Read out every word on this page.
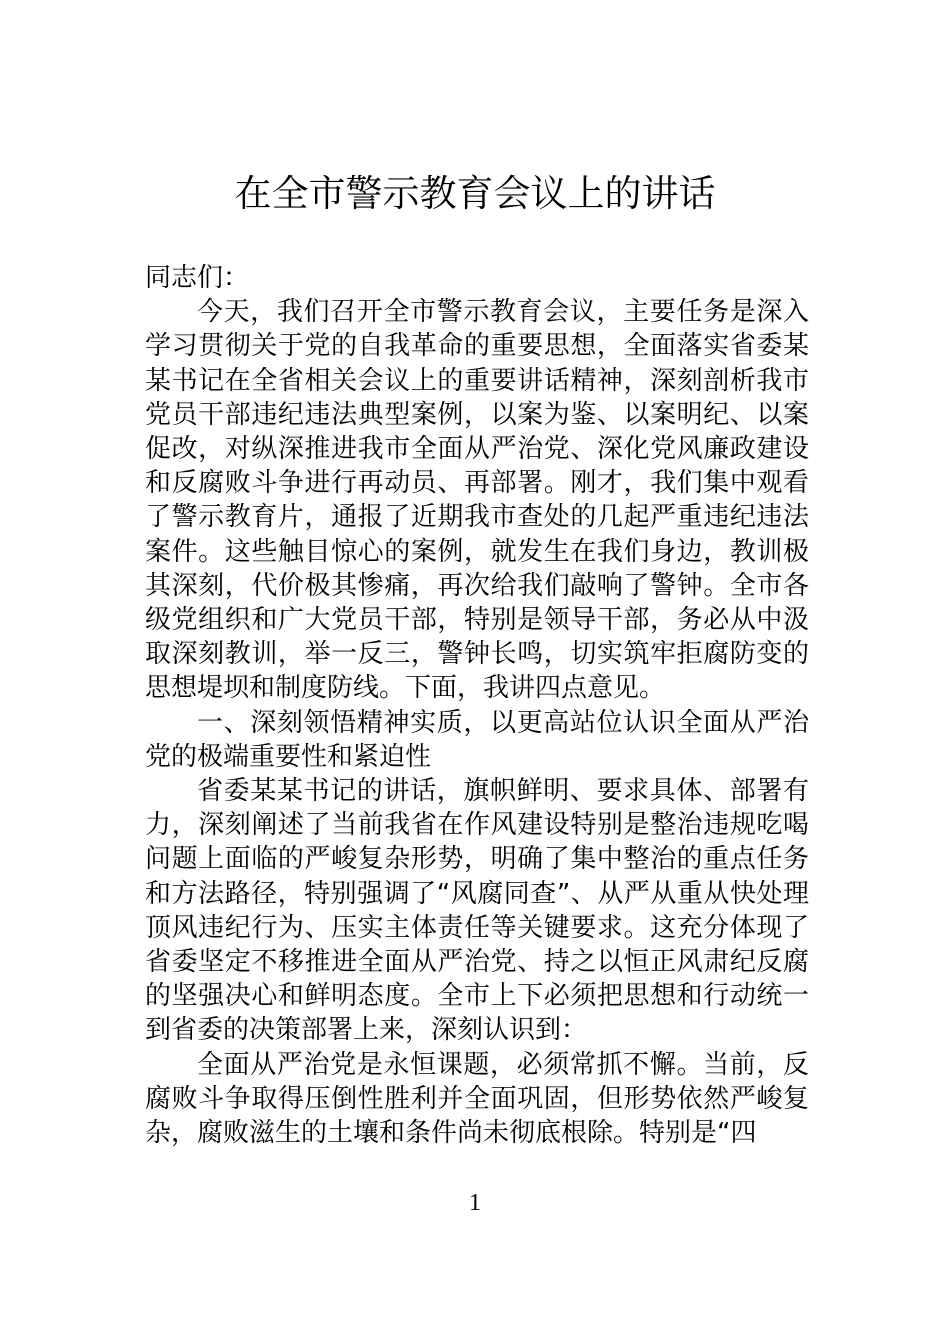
在全市警示教育会议上的讲话

同志们：

今天，我们召开全市警示教育会议，主要任务是深入学习贯彻关于党的自我革命的重要思想，全面落实省委某某书记在全省相关会议上的重要讲话精神，深刻剖析我市党员干部违纪违法典型案例，以案为鉴、以案明纪、以案促改，对纵深推进我市全面从严治党、深化党风廉政建设和反腐败斗争进行再动员、再部署。刚才，我们集中观看了警示教育片，通报了近期我市查处的几起严重违纪违法案件。这些触目惊心的案例，就发生在我们身边，教训极其深刻，代价极其惨痛，再次给我们敲响了警钟。全市各级党组织和广大党员干部，特别是领导干部，务必从中汲取深刻教训，举一反三，警钟长鸣，切实筑牢拒腐防变的思想堤坝和制度防线。下面，我讲四点意见。

一、深刻领悟精神实质，以更高站位认识全面从严治党的极端重要性和紧迫性

省委某某书记的讲话，旗帜鲜明、要求具体、部署有力，深刻阐述了当前我省在作风建设特别是整治违规吃喝问题上面临的严峻复杂形势，明确了集中整治的重点任务和方法路径，特别强调了“风腐同查”、从严从重从快处理顶风违纪行为、压实主体责任等关键要求。这充分体现了省委坚定不移推进全面从严治党、持之以恒正风肃纪反腐的坚强决心和鲜明态度。全市上下必须把思想和行动统一到省委的决策部署上来，深刻认识到：

全面从严治党是永恒课题，必须常抓不懈。当前，反腐败斗争取得压倒性胜利并全面巩固，但形势依然严峻复杂，腐败滋生的土壤和条件尚未彻底根除。特别是“四

1
